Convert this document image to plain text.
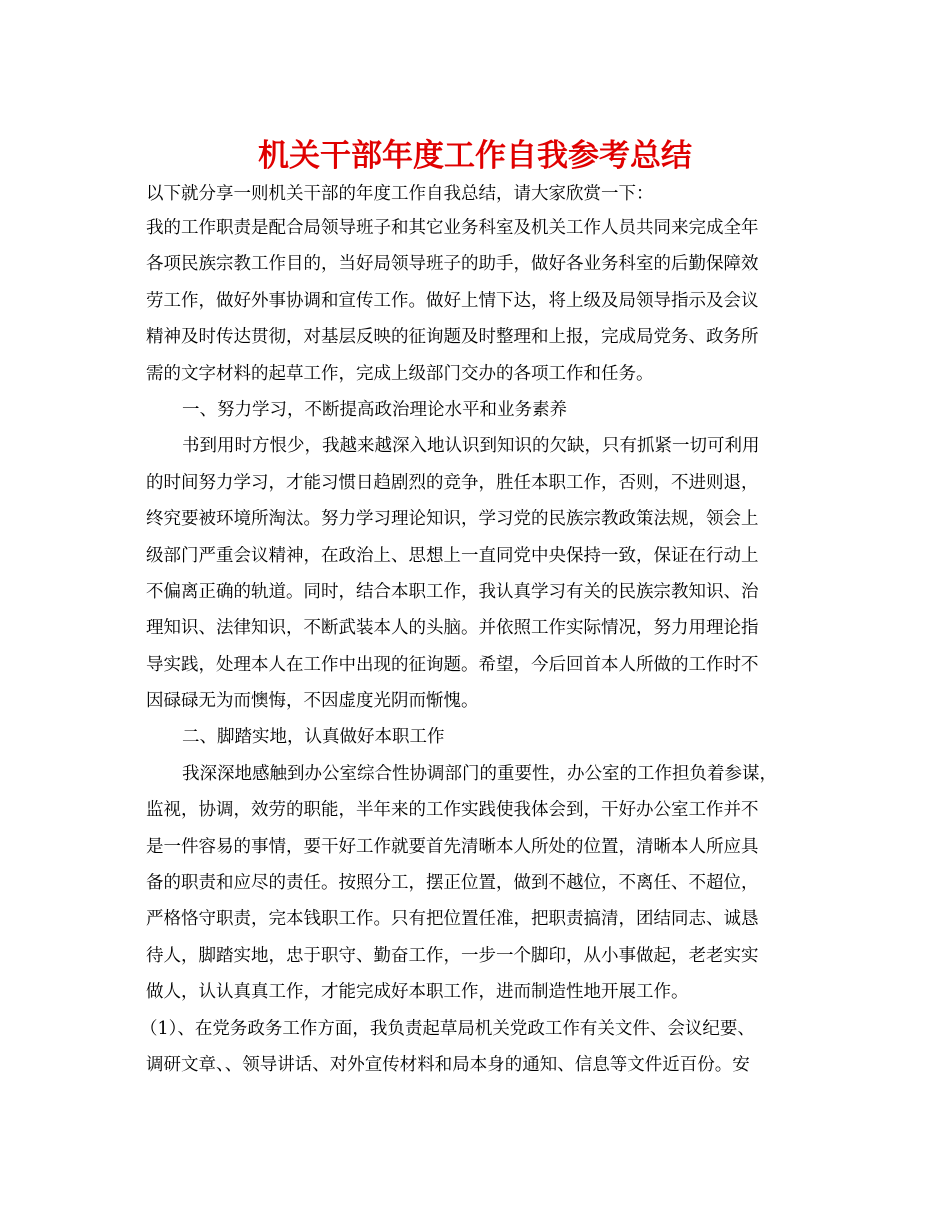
机关干部年度工作自我参考总结
以下就分享一则机关干部的年度工作自我总结，请大家欣赏一下：
我的工作职责是配合局领导班子和其它业务科室及机关工作人员共同来完成全年
各项民族宗教工作目的，当好局领导班子的助手，做好各业务科室的后勤保障效
劳工作，做好外事协调和宣传工作。做好上情下达，将上级及局领导指示及会议
精神及时传达贯彻，对基层反映的征询题及时整理和上报，完成局党务、政务所
需的文字材料的起草工作，完成上级部门交办的各项工作和任务。
一、努力学习，不断提高政治理论水平和业务素养
书到用时方恨少，我越来越深入地认识到知识的欠缺，只有抓紧一切可利用
的时间努力学习，才能习惯日趋剧烈的竞争，胜任本职工作，否则，不进则退，
终究要被环境所淘汰。努力学习理论知识，学习党的民族宗教政策法规，领会上
级部门严重会议精神，在政治上、思想上一直同党中央保持一致，保证在行动上
不偏离正确的轨道。同时，结合本职工作，我认真学习有关的民族宗教知识、治
理知识、法律知识，不断武装本人的头脑。并依照工作实际情况，努力用理论指
导实践，处理本人在工作中出现的征询题。希望，今后回首本人所做的工作时不
因碌碌无为而懊悔，不因虚度光阴而惭愧。
二、脚踏实地，认真做好本职工作
我深深地感触到办公室综合性协调部门的重要性，办公室的工作担负着参谋，
监视，协调，效劳的职能，半年来的工作实践使我体会到，干好办公室工作并不
是一件容易的事情，要干好工作就要首先清晰本人所处的位置，清晰本人所应具
备的职责和应尽的责任。按照分工，摆正位置，做到不越位，不离任、不超位，
严格恪守职责，完本钱职工作。只有把位置任准，把职责搞清，团结同志、诚恳
待人，脚踏实地，忠于职守、勤奋工作，一步一个脚印，从小事做起，老老实实
做人，认认真真工作，才能完成好本职工作，进而制造性地开展工作。
（1）、在党务政务工作方面，我负责起草局机关党政工作有关文件、会议纪要、
调研文章、、领导讲话、对外宣传材料和局本身的通知、信息等文件近百份。安
